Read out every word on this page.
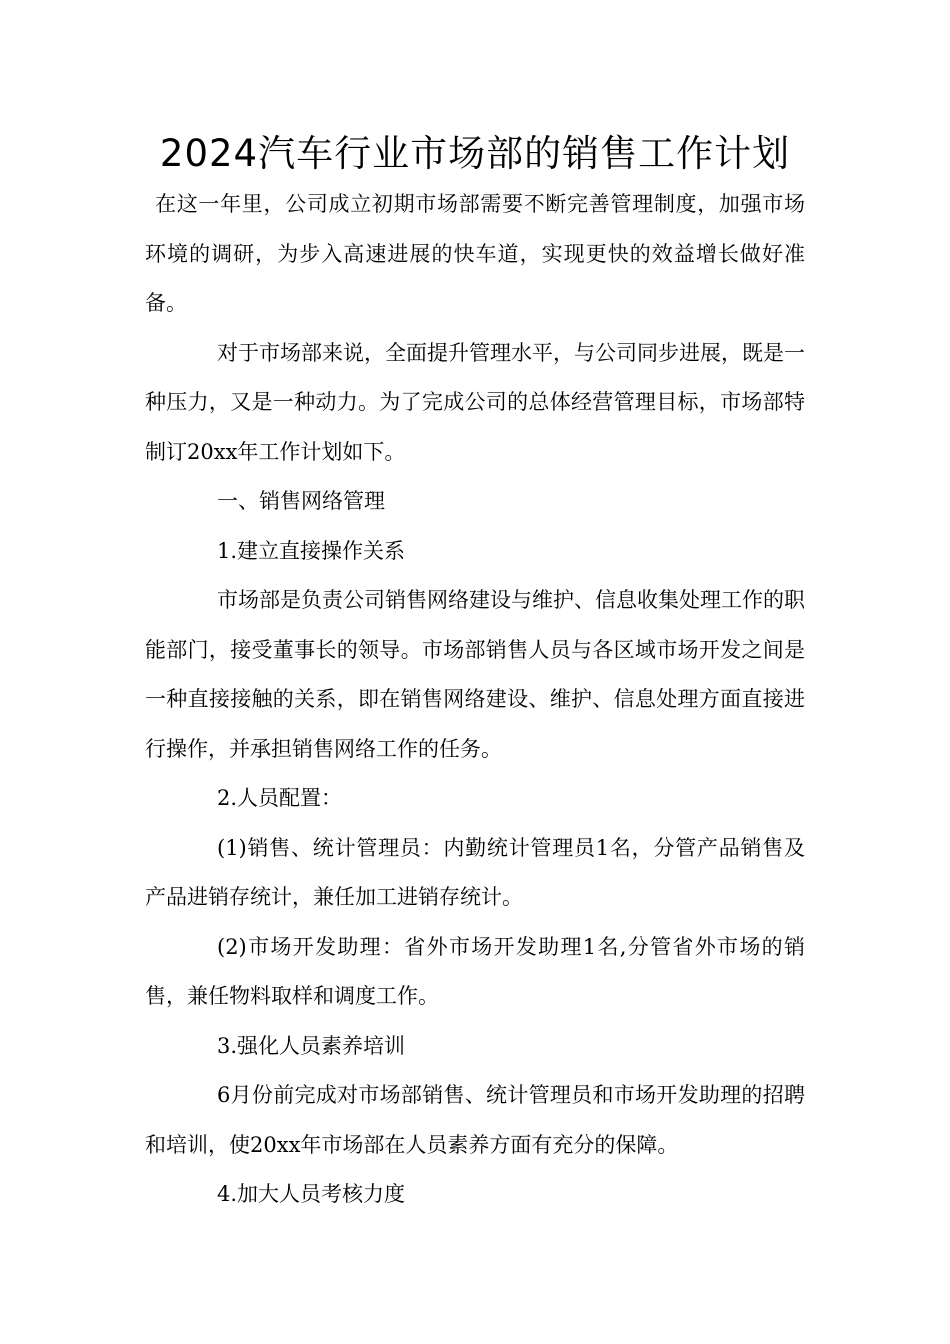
2024汽车行业市场部的销售工作计划

在这一年里，公司成立初期市场部需要不断完善管理制度，加强市场环境的调研，为步入高速进展的快车道，实现更快的效益增长做好准备。

对于市场部来说，全面提升管理水平，与公司同步进展，既是一种压力，又是一种动力。为了完成公司的总体经营管理目标，市场部特制订20xx年工作计划如下。

一、销售网络管理

1.建立直接操作关系

市场部是负责公司销售网络建设与维护、信息收集处理工作的职能部门，接受董事长的领导。市场部销售人员与各区域市场开发之间是一种直接接触的关系，即在销售网络建设、维护、信息处理方面直接进行操作，并承担销售网络工作的任务。

2.人员配置：

(1)销售、统计管理员：内勤统计管理员1名，分管产品销售及产品进销存统计，兼任加工进销存统计。

(2)市场开发助理：省外市场开发助理1名,分管省外市场的销售，兼任物料取样和调度工作。

3.强化人员素养培训

6月份前完成对市场部销售、统计管理员和市场开发助理的招聘和培训，使20xx年市场部在人员素养方面有充分的保障。

4.加大人员考核力度
